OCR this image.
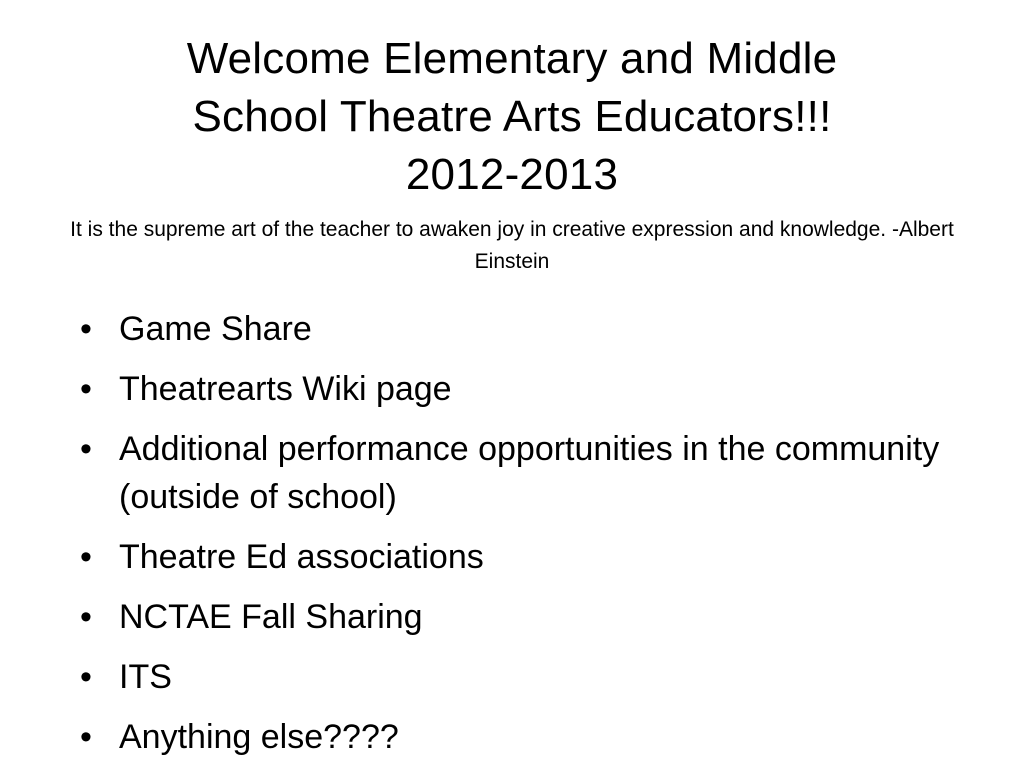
Welcome Elementary and Middle
School Theatre Arts Educators!!!
2012-2013
It is the supreme art of the teacher to awaken joy in creative expression and knowledge. -Albert Einstein
• Game Share
• Theatrearts Wiki page
• Additional performance opportunities in the community (outside of school)
• Theatre Ed associations
• NCTAE Fall Sharing
• ITS
• Anything else????
